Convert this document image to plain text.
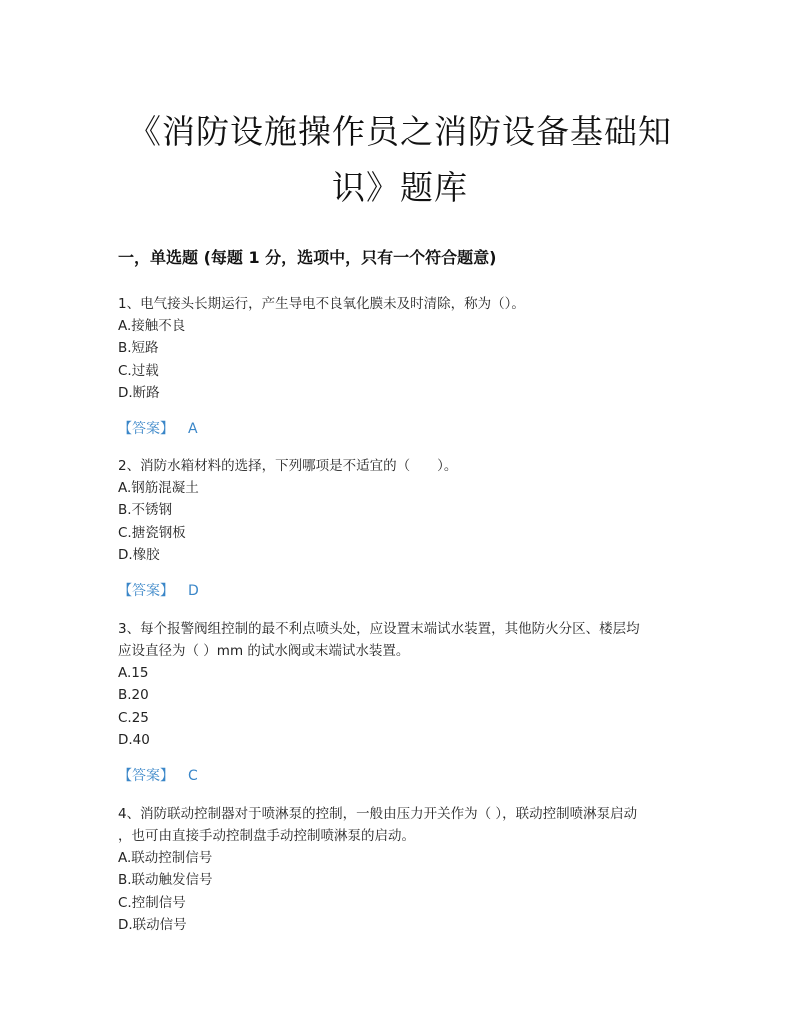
《消防设施操作员之消防设备基础知
识》题库
一，单选题 (每题 1 分，选项中，只有一个符合题意)
1、电气接头长期运行，产生导电不良氧化膜未及时清除，称为（）。
A.接触不良
B.短路
C.过载
D.断路
【答案】 A
2、消防水箱材料的选择，下列哪项是不适宜的（　　）。
A.钢筋混凝土
B.不锈钢
C.搪瓷钢板
D.橡胶
【答案】 D
3、每个报警阀组控制的最不利点喷头处，应设置末端试水装置，其他防火分区、楼层均
应设直径为（ ）mm 的试水阀或末端试水装置。
A.15
B.20
C.25
D.40
【答案】 C
4、消防联动控制器对于喷淋泵的控制，一般由压力开关作为（ ），联动控制喷淋泵启动
，也可由直接手动控制盘手动控制喷淋泵的启动。
A.联动控制信号
B.联动触发信号
C.控制信号
D.联动信号
